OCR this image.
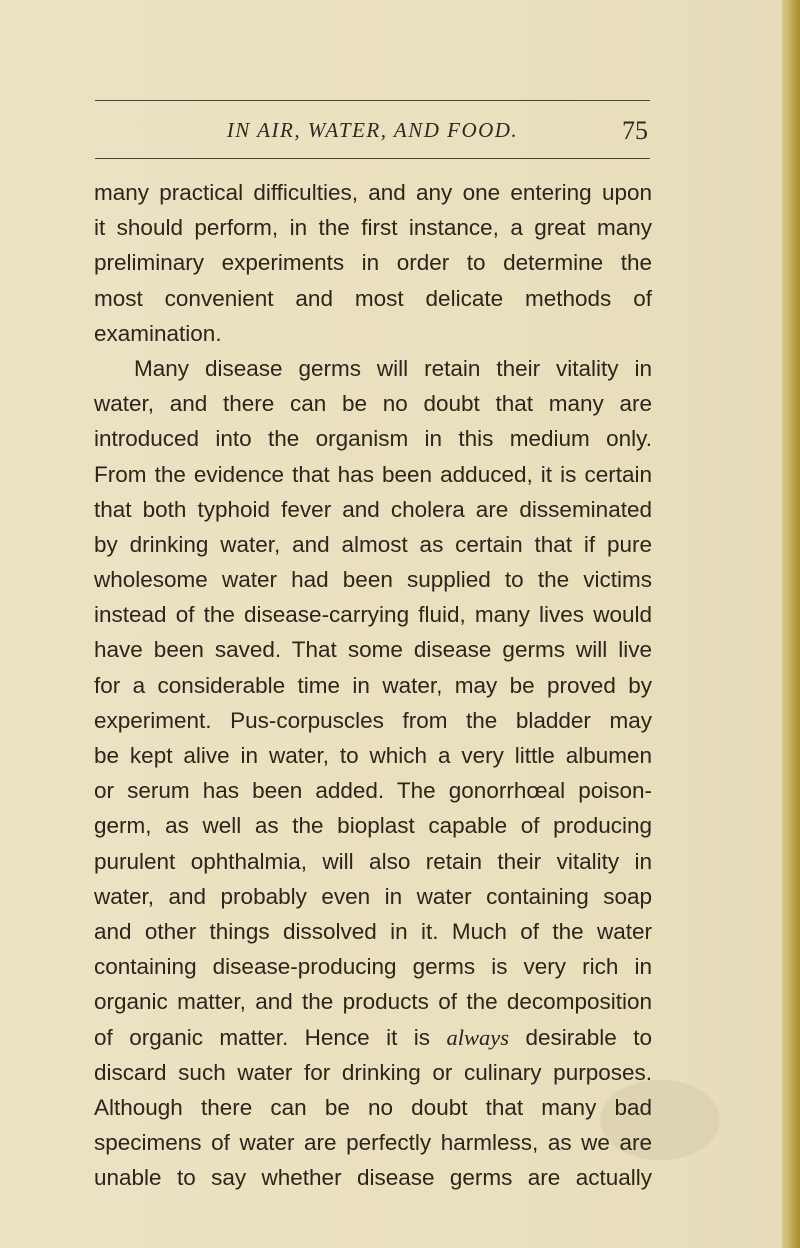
IN AIR, WATER, AND FOOD.	75
many practical difficulties, and any one entering upon
it should perform, in the first instance, a great many
preliminary experiments in order to determine the
most convenient and most delicate methods of
examination.
Many disease germs will retain their vitality in
water, and there can be no doubt that many are
introduced into the organism in this medium only.
From the evidence that has been adduced, it is certain
that both typhoid fever and cholera are disseminated
by drinking water, and almost as certain that if pure
wholesome water had been supplied to the victims
instead of the disease-carrying fluid, many lives would
have been saved. That some disease germs will live
for a considerable time in water, may be proved by
experiment. Pus-corpuscles from the bladder may
be kept alive in water, to which a very little albumen
or serum has been added. The gonorrhœal poison-
germ, as well as the bioplast capable of producing
purulent ophthalmia, will also retain their vitality in
water, and probably even in water containing soap
and other things dissolved in it. Much of the water
containing disease-producing germs is very rich in
organic matter, and the products of the decomposition
of organic matter. Hence it is always desirable to
discard such water for drinking or culinary purposes.
Although there can be no doubt that many bad
specimens of water are perfectly harmless, as we are
unable to say whether disease germs are actually
